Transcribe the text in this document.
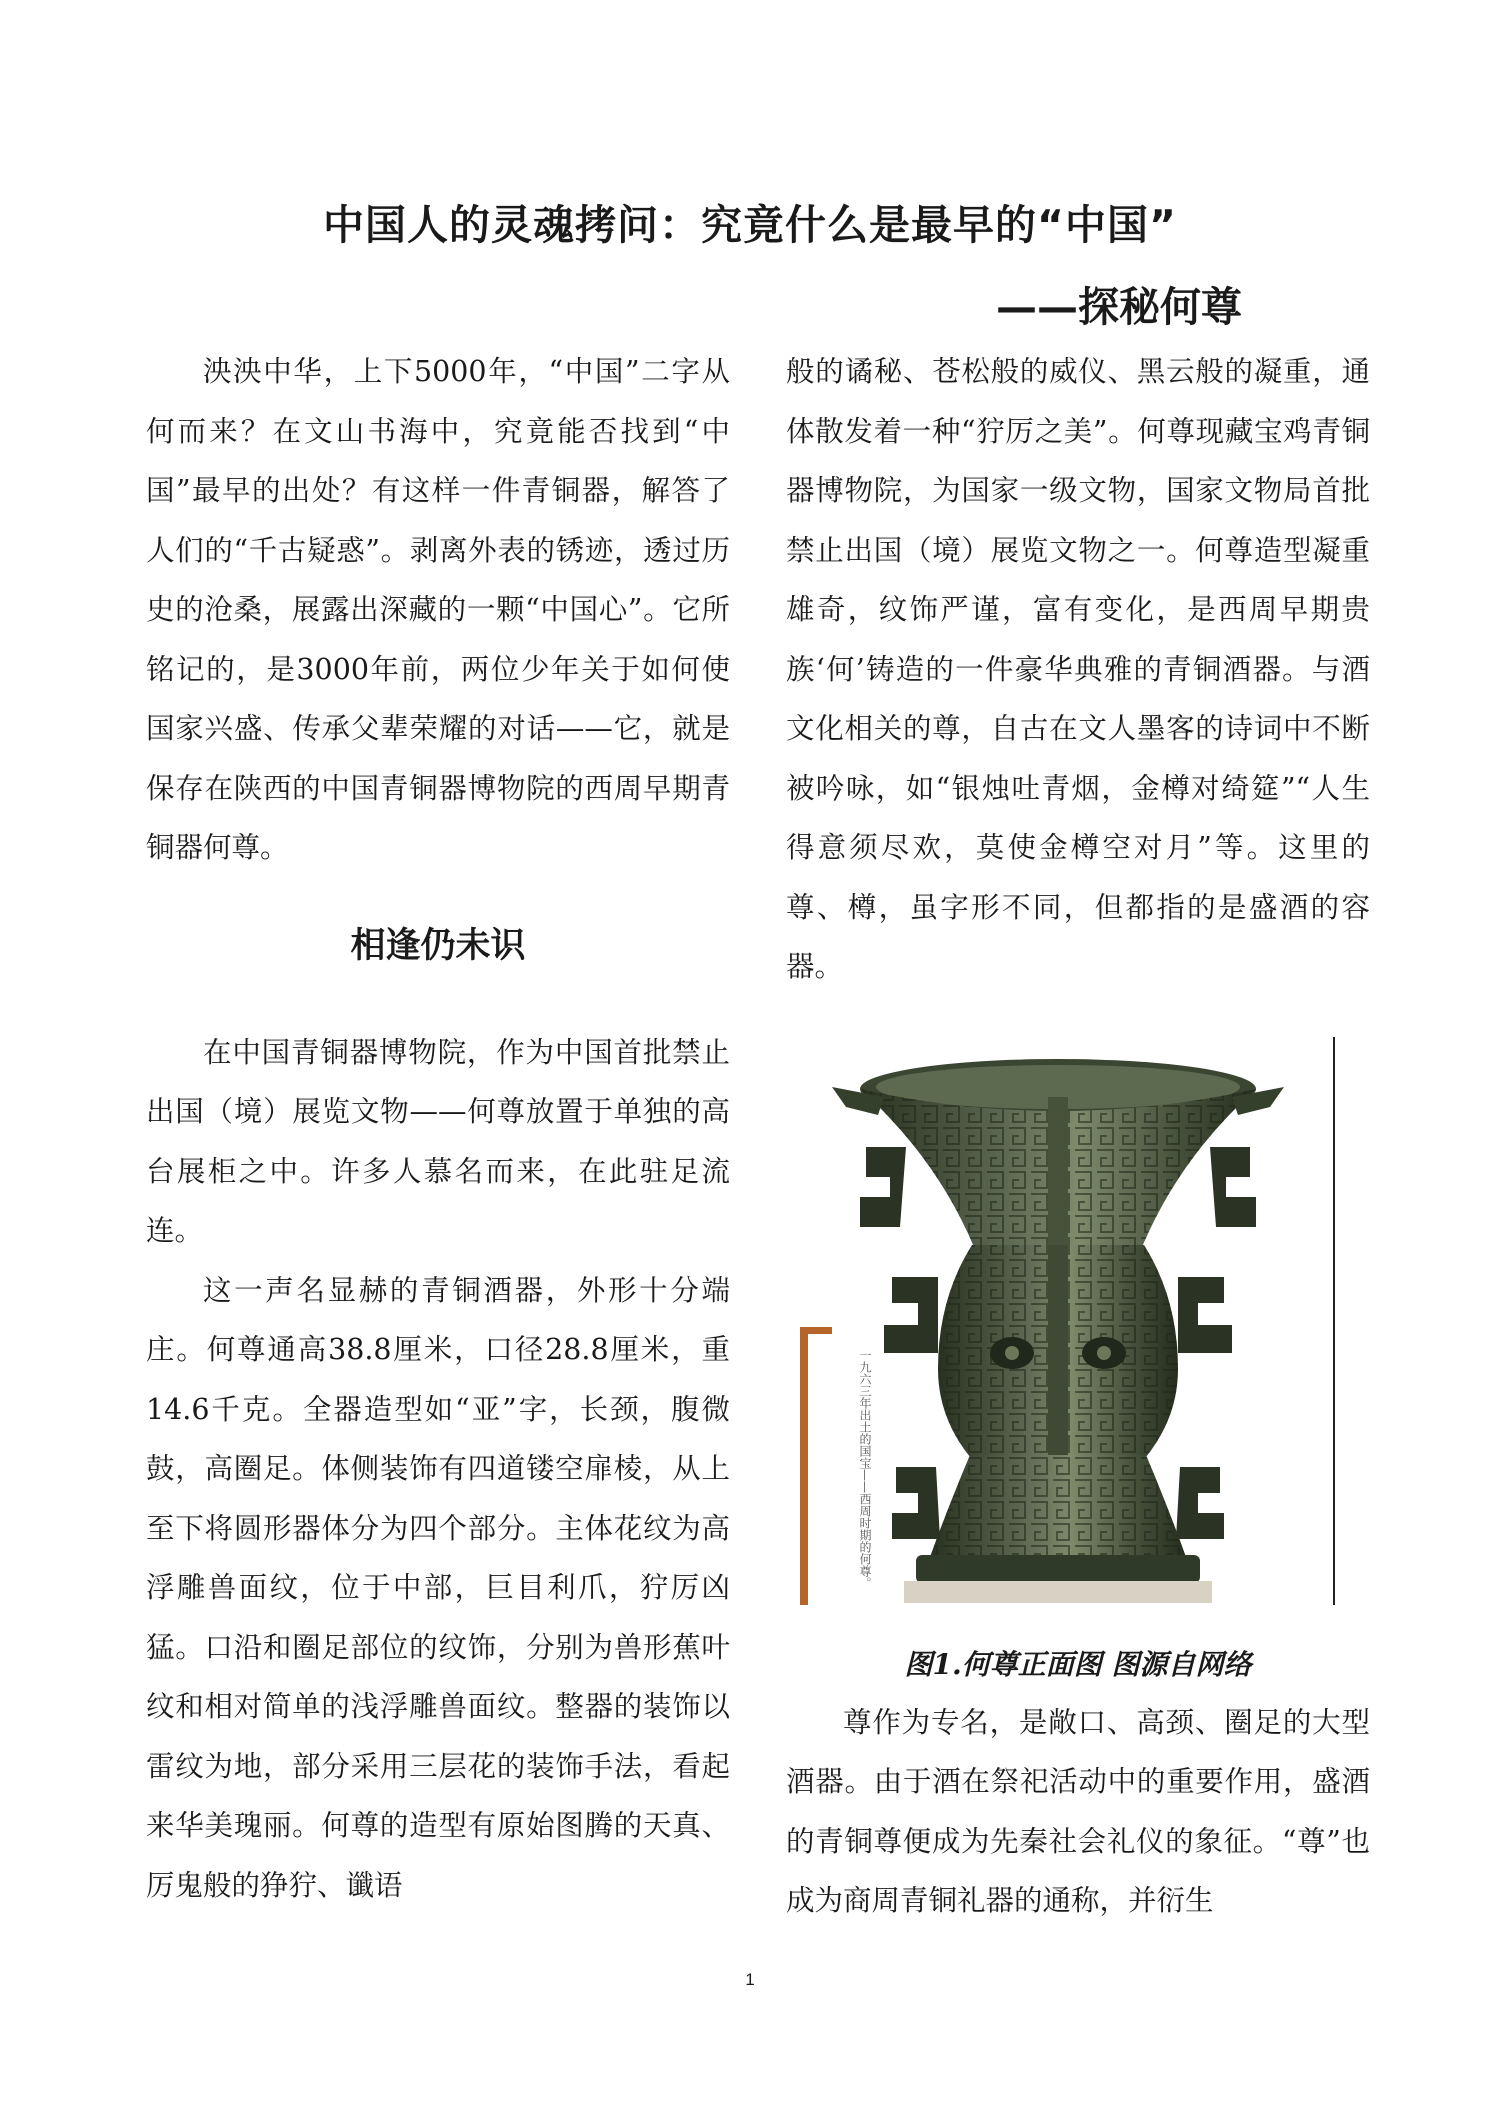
中国人的灵魂拷问：究竟什么是最早的“中国”
——探秘何尊

泱泱中华，上下5000年，“中国”二字从何而来？在文山书海中，究竟能否找到“中国”最早的出处？有这样一件青铜器，解答了人们的“千古疑惑”。剥离外表的锈迹，透过历史的沧桑，展露出深藏的一颗“中国心”。它所铭记的，是3000年前，两位少年关于如何使国家兴盛、传承父辈荣耀的对话——它，就是保存在陕西的中国青铜器博物院的西周早期青铜器何尊。

相逢仍未识

在中国青铜器博物院，作为中国首批禁止出国（境）展览文物——何尊放置于单独的高台展柜之中。许多人慕名而来，在此驻足流连。

这一声名显赫的青铜酒器，外形十分端庄。何尊通高38.8厘米，口径28.8厘米，重14.6千克。全器造型如“亚”字，长颈，腹微鼓，高圈足。体侧装饰有四道镂空扉棱，从上至下将圆形器体分为四个部分。主体花纹为高浮雕兽面纹，位于中部，巨目利爪，狞厉凶猛。口沿和圈足部位的纹饰，分别为兽形蕉叶纹和相对简单的浅浮雕兽面纹。整器的装饰以雷纹为地，部分采用三层花的装饰手法，看起来华美瑰丽。何尊的造型有原始图腾的天真、厉鬼般的狰狞、谶语

般的谲秘、苍松般的威仪、黑云般的凝重，通体散发着一种“狞厉之美”。何尊现藏宝鸡青铜器博物院，为国家一级文物，国家文物局首批禁止出国（境）展览文物之一。何尊造型凝重雄奇，纹饰严谨，富有变化，是西周早期贵族‘何’铸造的一件豪华典雅的青铜酒器。与酒文化相关的尊，自古在文人墨客的诗词中不断被吟咏，如“银烛吐青烟，金樽对绮筵”“人生得意须尽欢，莫使金樽空对月”等。这里的尊、樽，虽字形不同，但都指的是盛酒的容器。

一九六三年出土的国宝——西周时期的何尊。
图1.何尊正面图 图源自网络

尊作为专名，是敞口、高颈、圈足的大型酒器。由于酒在祭祀活动中的重要作用，盛酒的青铜尊便成为先秦社会礼仪的象征。“尊”也成为商周青铜礼器的通称，并衍生

1
